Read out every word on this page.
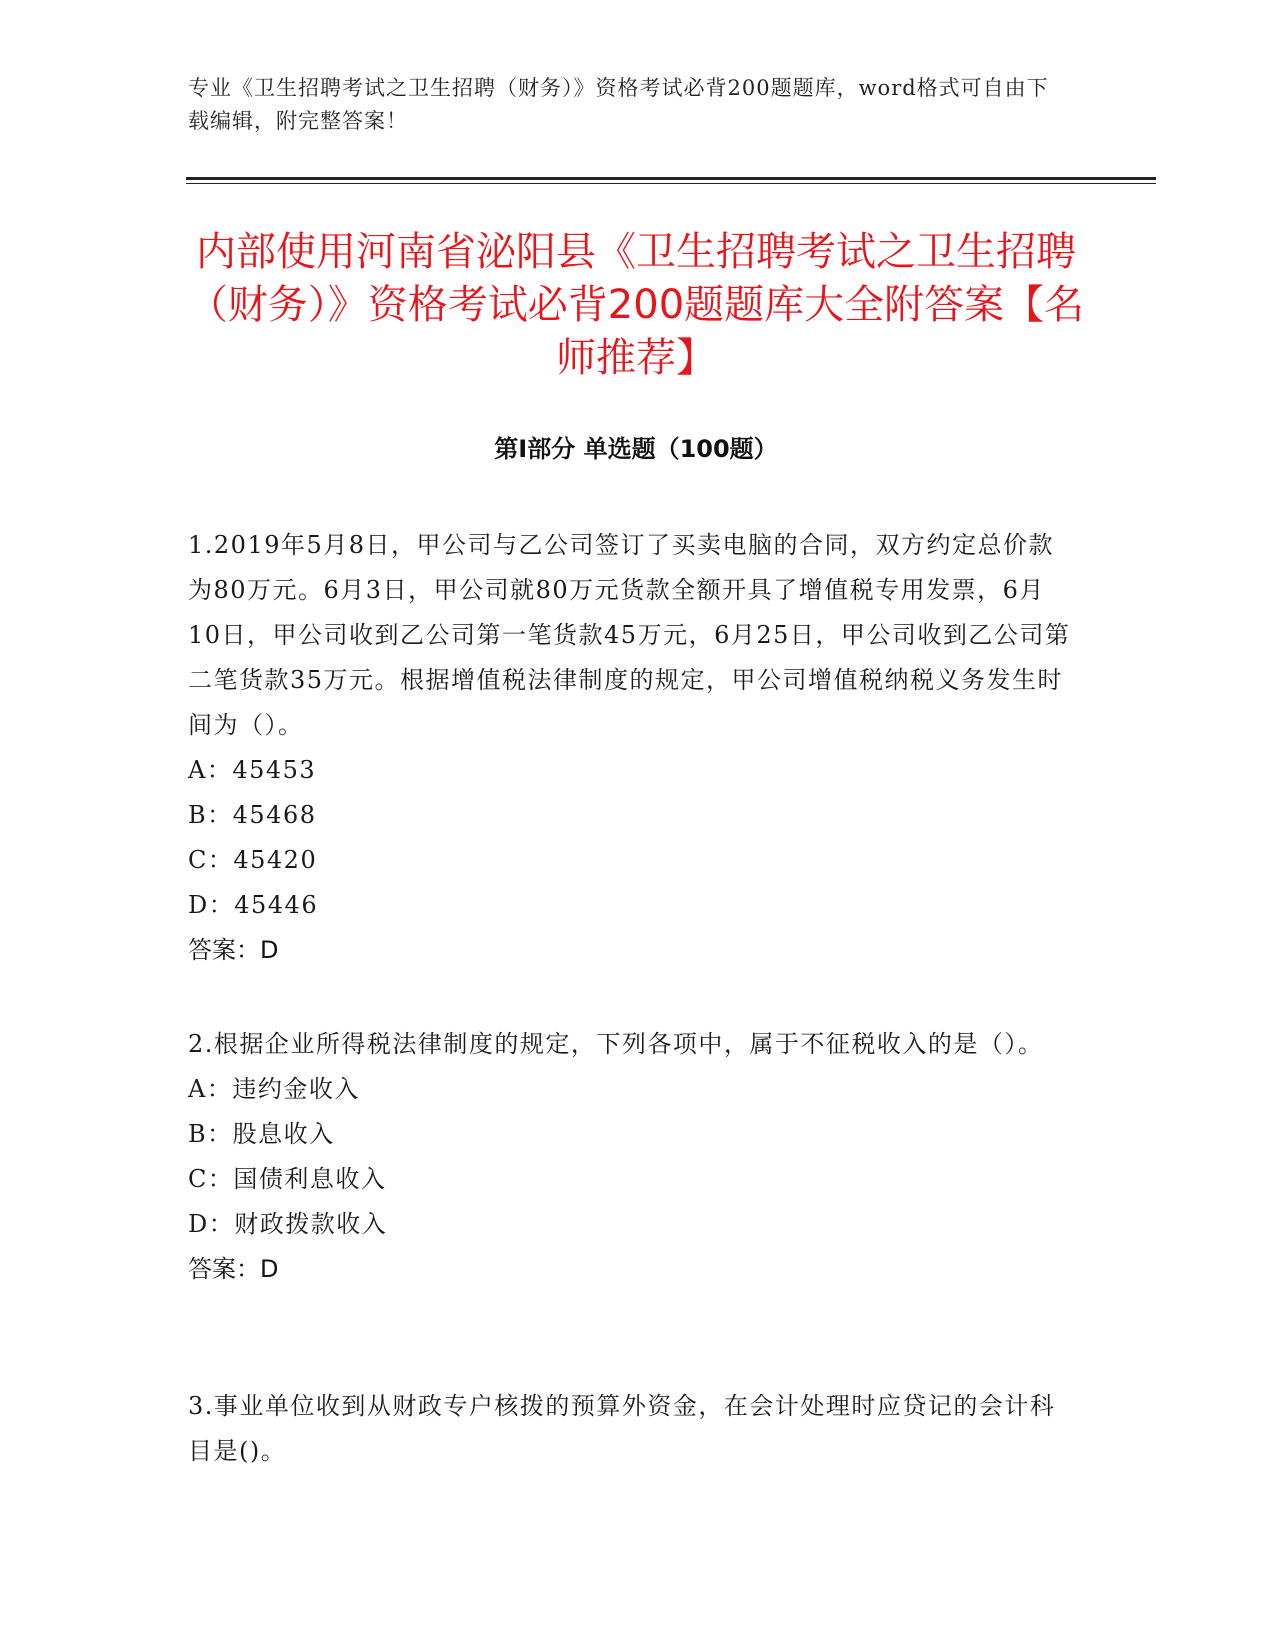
专业《卫生招聘考试之卫生招聘（财务）》资格考试必背200题题库，word格式可自由下载编辑，附完整答案！
内部使用河南省泌阳县《卫生招聘考试之卫生招聘（财务）》资格考试必背200题题库大全附答案【名师推荐】
第Ⅰ部分 单选题（100题）

1.2019年5月8日，甲公司与乙公司签订了买卖电脑的合同，双方约定总价款为80万元。6月3日，甲公司就80万元货款全额开具了增值税专用发票，6月10日，甲公司收到乙公司第一笔货款45万元，6月25日，甲公司收到乙公司第二笔货款35万元。根据增值税法律制度的规定，甲公司增值税纳税义务发生时间为（）。

A：45453

B：45468

C：45420

D：45446

答案：D

2.根据企业所得税法律制度的规定，下列各项中，属于不征税收入的是（）。

A：违约金收入

B：股息收入

C：国债利息收入

D：财政拨款收入

答案：D

3.事业单位收到从财政专户核拨的预算外资金，在会计处理时应贷记的会计科目是()。
